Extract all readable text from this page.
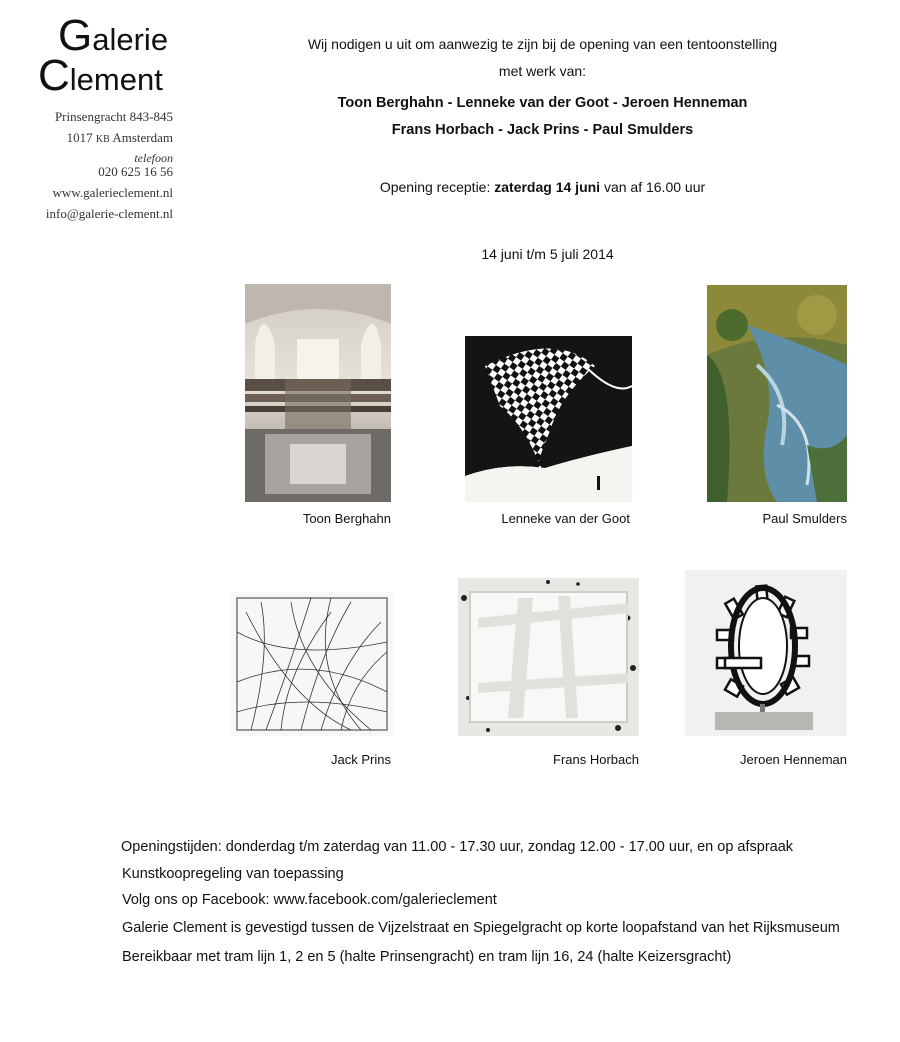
Galerie
Clement
Prinsengracht 843-845
1017 KB Amsterdam
telefoon
020 625 16 56
www.galerieclement.nl
info@galerie-clement.nl
Wij nodigen u uit om aanwezig te zijn bij de opening van een tentoonstelling
met werk van:
Toon Berghahn - Lenneke van der Goot - Jeroen Henneman
Frans Horbach - Jack Prins - Paul Smulders
Opening receptie: zaterdag 14 juni van af 16.00 uur
14 juni t/m 5 juli 2014
Toon Berghahn	Lenneke van der Goot	Paul Smulders
Jack Prins	Frans Horbach	Jeroen Henneman
Openingstijden: donderdag t/m zaterdag van 11.00 - 17.30 uur, zondag 12.00 - 17.00 uur, en op afspraak
Kunstkoopregeling van toepassing
Volg ons op Facebook: www.facebook.com/galerieclement
Galerie Clement is gevestigd tussen de Vijzelstraat en Spiegelgracht op korte loopafstand van het Rijksmuseum
Bereikbaar met tram lijn 1, 2 en 5 (halte Prinsengracht) en tram lijn 16, 24 (halte Keizersgracht)
